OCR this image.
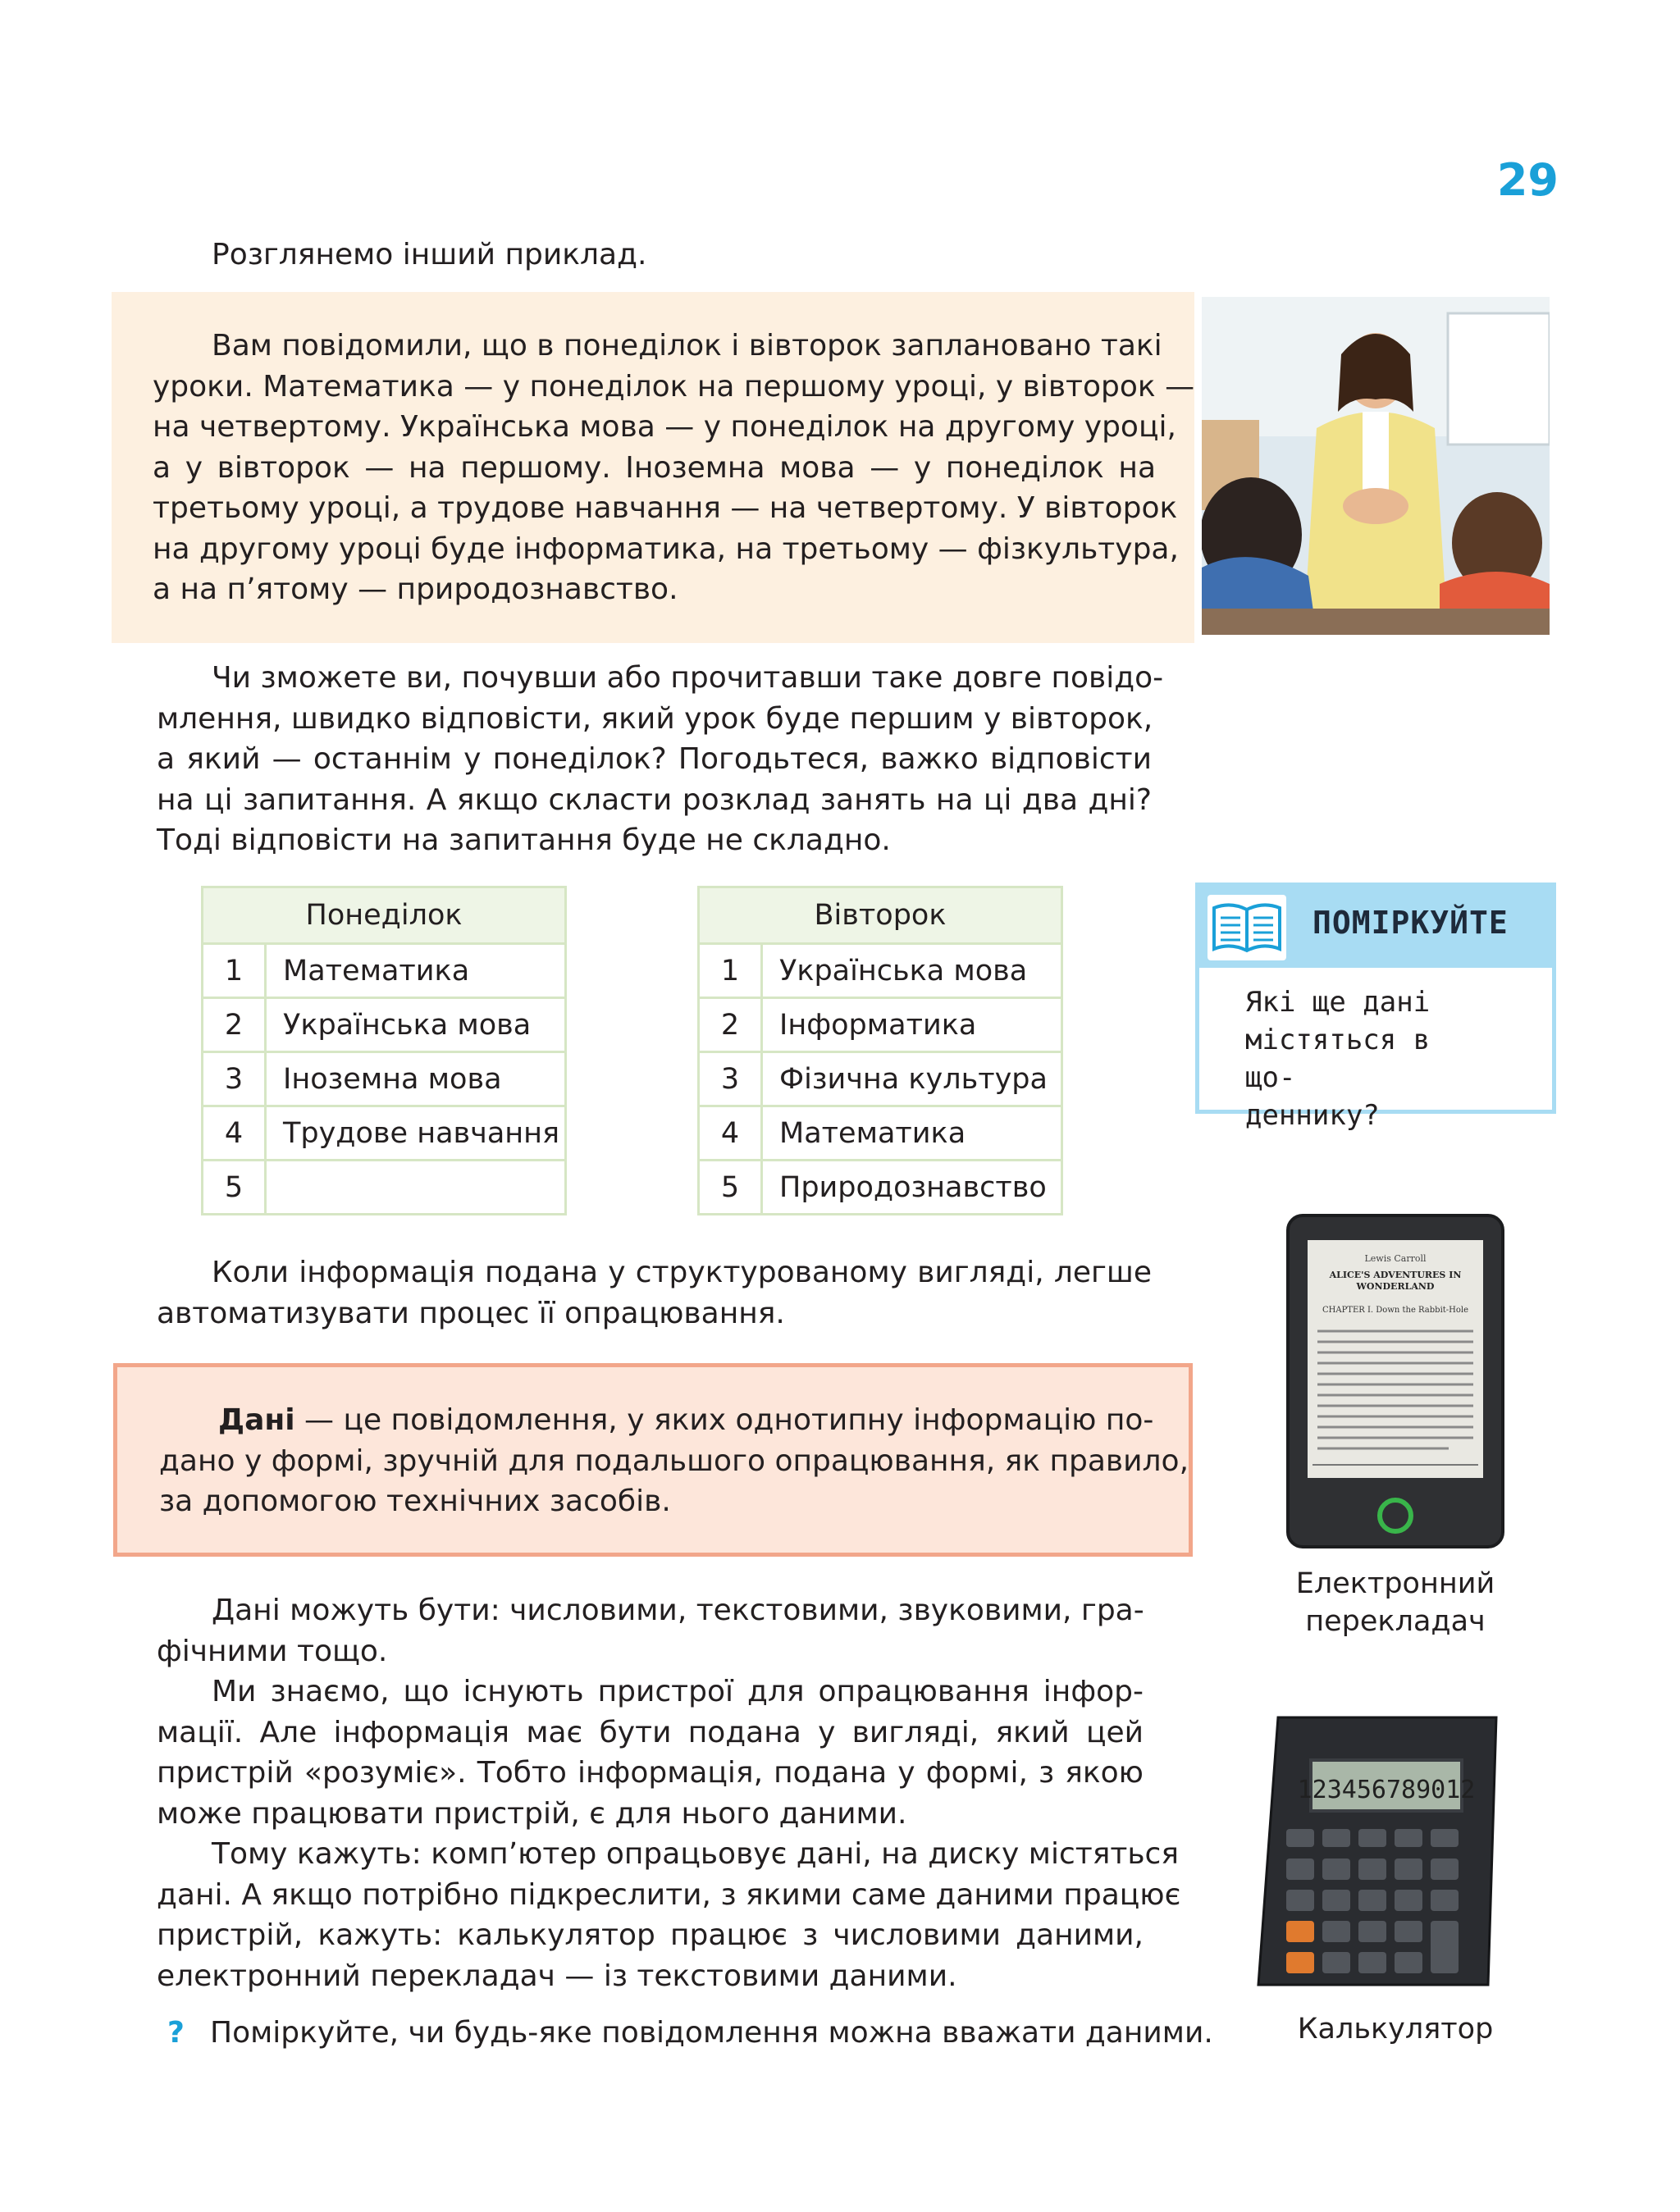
29
Розглянемо інший приклад.
Вам повідомили, що в понеділок і вівторок заплановано такі
уроки. Математика — у понеділок на першому уроці, у вівторок —
на четвертому. Українська мова — у понеділок на другому уроці,
а у вівторок — на першому. Іноземна мова — у понеділок на
третьому уроці, а трудове навчання — на четвертому. У вівторок
на другому уроці буде інформатика, на третьому — фізкультура,
а на п’ятому — природознавство.
Чи зможете ви, почувши або прочитавши таке довге повідо-
млення, швидко відповісти, який урок буде першим у вівторок,
а який — останнім у понеділок? Погодьтеся, важко відповісти
на ці запитання. А якщо скласти розклад занять на ці два дні?
Тоді відповісти на запитання буде не складно.
Понеділок	
1	Математика
2	Українська мова
3	Іноземна мова
4	Трудове навчання
5	
Вівторок	
1	Українська мова
2	Інформатика
3	Фізична культура
4	Математика
5	Природознавство
ПОМІРКУЙТЕ
Які ще дані
містяться в що-
деннику?
Коли інформація подана у структурованому вигляді, легше
автоматизувати процес її опрацювання.
Дані — це повідомлення, у яких однотипну інформацію по-
дано у формі, зручній для подальшого опрацювання, як правило,
за допомогою технічних засобів.
Lewis Carroll
ALICE'S ADVENTURES IN
WONDERLAND
CHAPTER I. Down the Rabbit-Hole
Електронний
перекладач
Дані можуть бути: числовими, текстовими, звуковими, гра-
фічними тощо.
Ми знаємо, що існують пристрої для опрацювання інфор-
мації. Але інформація має бути подана у вигляді, який цей
пристрій «розуміє». Тобто інформація, подана у формі, з якою
може працювати пристрій, є для нього даними.
Тому кажуть: комп’ютер опрацьовує дані, на диску містяться
дані. А якщо потрібно підкреслити, з якими саме даними працює
пристрій, кажуть: калькулятор працює з числовими даними,
електронний перекладач — із текстовими даними.
123456789012
Калькулятор
? Поміркуйте, чи будь-яке повідомлення можна вважати даними.
